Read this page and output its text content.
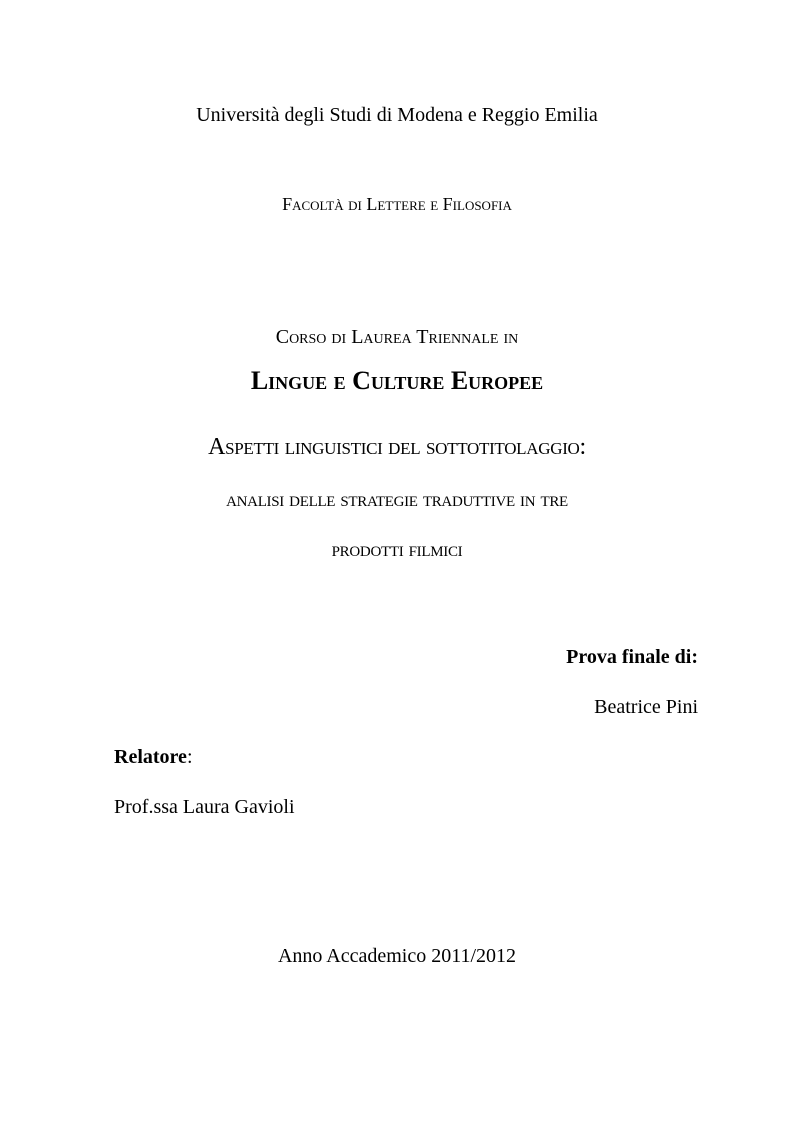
Università degli Studi di Modena e Reggio Emilia
Facoltà di Lettere e Filosofia
Corso di Laurea Triennale in
Lingue e Culture Europee
Aspetti linguistici del sottotitolaggio:
analisi delle strategie traduttive in tre
prodotti filmici
Prova finale di:
Beatrice Pini
Relatore:
Prof.ssa Laura Gavioli
Anno Accademico 2011/2012
